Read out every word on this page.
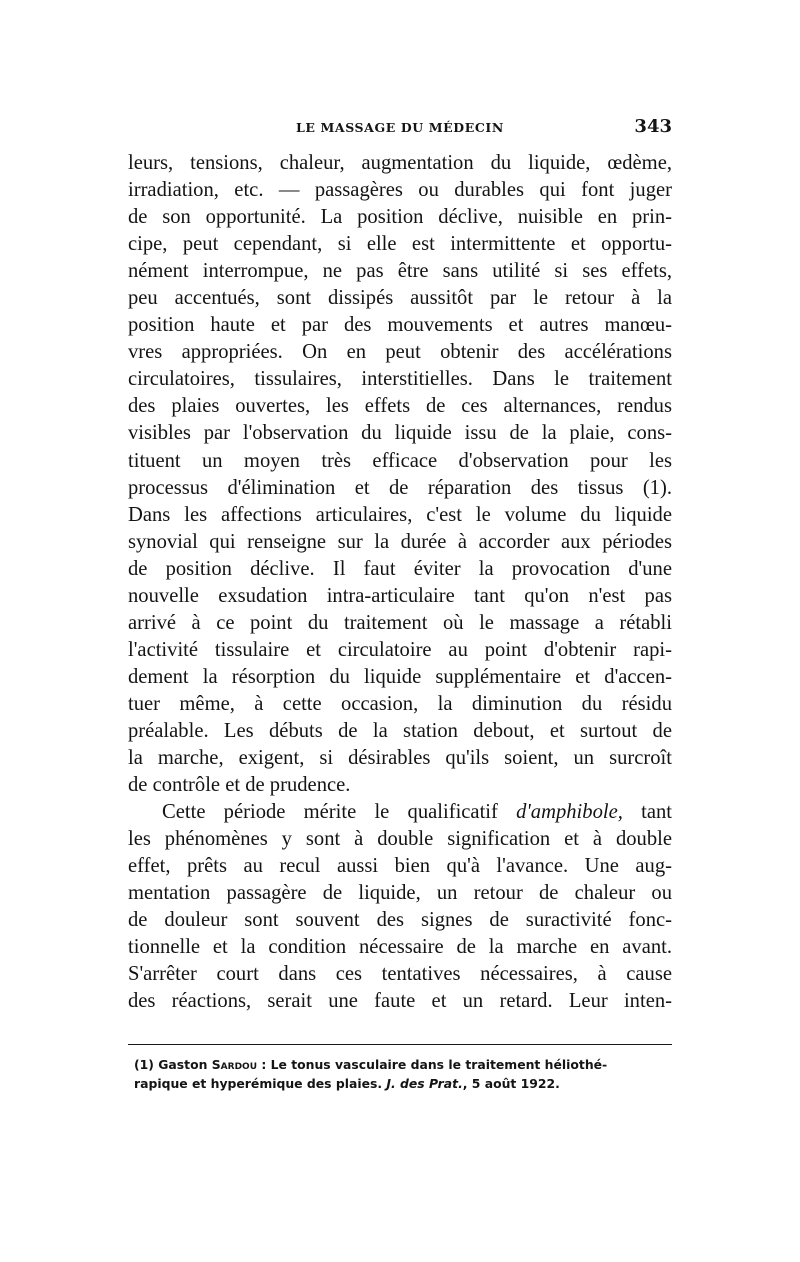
LE MASSAGE DU MÉDECIN	343
leurs, tensions, chaleur, augmentation du liquide, œdème,
irradiation, etc. — passagères ou durables qui font juger
de son opportunité. La position déclive, nuisible en prin-
cipe, peut cependant, si elle est intermittente et opportu-
nément interrompue, ne pas être sans utilité si ses effets,
peu accentués, sont dissipés aussitôt par le retour à la
position haute et par des mouvements et autres manœu-
vres appropriées. On en peut obtenir des accélérations
circulatoires, tissulaires, interstitielles. Dans le traitement
des plaies ouvertes, les effets de ces alternances, rendus
visibles par l'observation du liquide issu de la plaie, cons-
tituent un moyen très efficace d'observation pour les
processus d'élimination et de réparation des tissus (1).
Dans les affections articulaires, c'est le volume du liquide
synovial qui renseigne sur la durée à accorder aux périodes
de position déclive. Il faut éviter la provocation d'une
nouvelle exsudation intra-articulaire tant qu'on n'est pas
arrivé à ce point du traitement où le massage a rétabli
l'activité tissulaire et circulatoire au point d'obtenir rapi-
dement la résorption du liquide supplémentaire et d'accen-
tuer même, à cette occasion, la diminution du résidu
préalable. Les débuts de la station debout, et surtout de
la marche, exigent, si désirables qu'ils soient, un surcroît
de contrôle et de prudence.
Cette période mérite le qualificatif d'amphibole, tant
les phénomènes y sont à double signification et à double
effet, prêts au recul aussi bien qu'à l'avance. Une aug-
mentation passagère de liquide, un retour de chaleur ou
de douleur sont souvent des signes de suractivité fonc-
tionnelle et la condition nécessaire de la marche en avant.
S'arrêter court dans ces tentatives nécessaires, à cause
des réactions, serait une faute et un retard. Leur inten-
(1) Gaston Sardou : Le tonus vasculaire dans le traitement héliothé-
rapique et hyperémique des plaies. J. des Prat., 5 août 1922.
